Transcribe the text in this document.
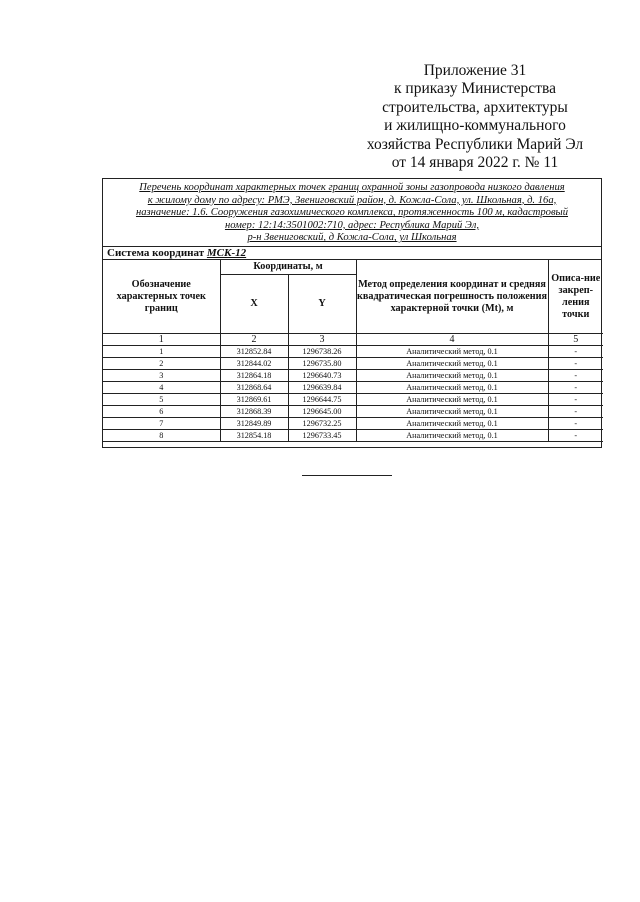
Приложение 31
к приказу Министерства
строительства, архитектуры
и жилищно-коммунального
хозяйства Республики Марий Эл
от 14 января 2022 г. № 11
Перечень координат характерных точек границ охранной зоны газопровода низкого давления
к жилому дому по адресу: РМЭ, Звениговский район, д. Кожла-Сола, ул. Школьная, д. 16а,
назначение: 1.6. Сооружения газохимического комплекса, протяженность 100 м, кадастровый
номер: 12:14:3501002:710, адрес: Республика Марий Эл,
р-н Звениговский, д Кожла-Сола, ул Школьная
Система координат МСК-12
Обозначение характерных точек границ	Координаты, м		Метод определения координат и средняя квадратическая погрешность положения характерной точки (Mt), м	Описа-ние закреп-ления точки
	X	Y		
1	2	3	4	5
1	312852.84	1296738.26	Аналитический метод, 0.1	-
2	312844.02	1296735.80	Аналитический метод, 0.1	-
3	312864.18	1296640.73	Аналитический метод, 0.1	-
4	312868.64	1296639.84	Аналитический метод, 0.1	-
5	312869.61	1296644.75	Аналитический метод, 0.1	-
6	312868.39	1296645.00	Аналитический метод, 0.1	-
7	312849.89	1296732.25	Аналитический метод, 0.1	-
8	312854.18	1296733.45	Аналитический метод, 0.1	-
